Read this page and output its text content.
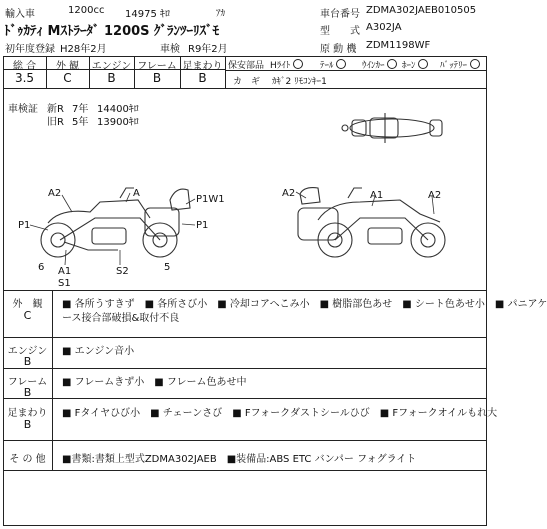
輸入車	1200cc 14975 ｷﾛ	ｱｶ	車台番号 ZDMA302JAEB010505
ﾄﾞｩｶﾃｨ Mｽﾄﾗｰﾀﾞ 1200S ｸﾞﾗﾝﾂｰﾘｽﾞﾓ	型　　式 A302JA
初年度登録 H28年2月	車検 R9年2月	原 動 機 ZDM1198WF
総 合	外 観	エンジン フレーム 足まわり
3.5	C	B	B	B
保安部品 Hﾗｲﾄ	ﾃｰﾙ	ｳｲﾝｶｰ	ﾎｰﾝ	ﾊﾞｯﾃﾘｰ
カ　ギ ｶｷﾞ2 ﾘﾓｺﾝｷｰ1
車検証 新R 7年 14400ｷﾛ
旧R 5年 13900ｷﾛ
A2	A
P1W1
P1
P1
6	S2	5
A1
S1
A2	A1	A2
外　観
C
■ 各所うすきず　■ 各所さび小　■ 冷却コアへこみ小　■ 樹脂部色あせ　■ シート色あせ小　■ パニアケ
ース接合部破損&取付不良
エンジン
B
■ エンジン音小
フレーム
B
■ フレームきず小　■ フレーム色あせ中
足まわり
B
■ Fタイヤひび小　■ チェーンさび　■ Fフォークダストシールひび　■ Fフォークオイルもれ大
そ の 他	■書類:書類上型式ZDMA302JAEB　■装備品:ABS ETC バンパー フォグライト
